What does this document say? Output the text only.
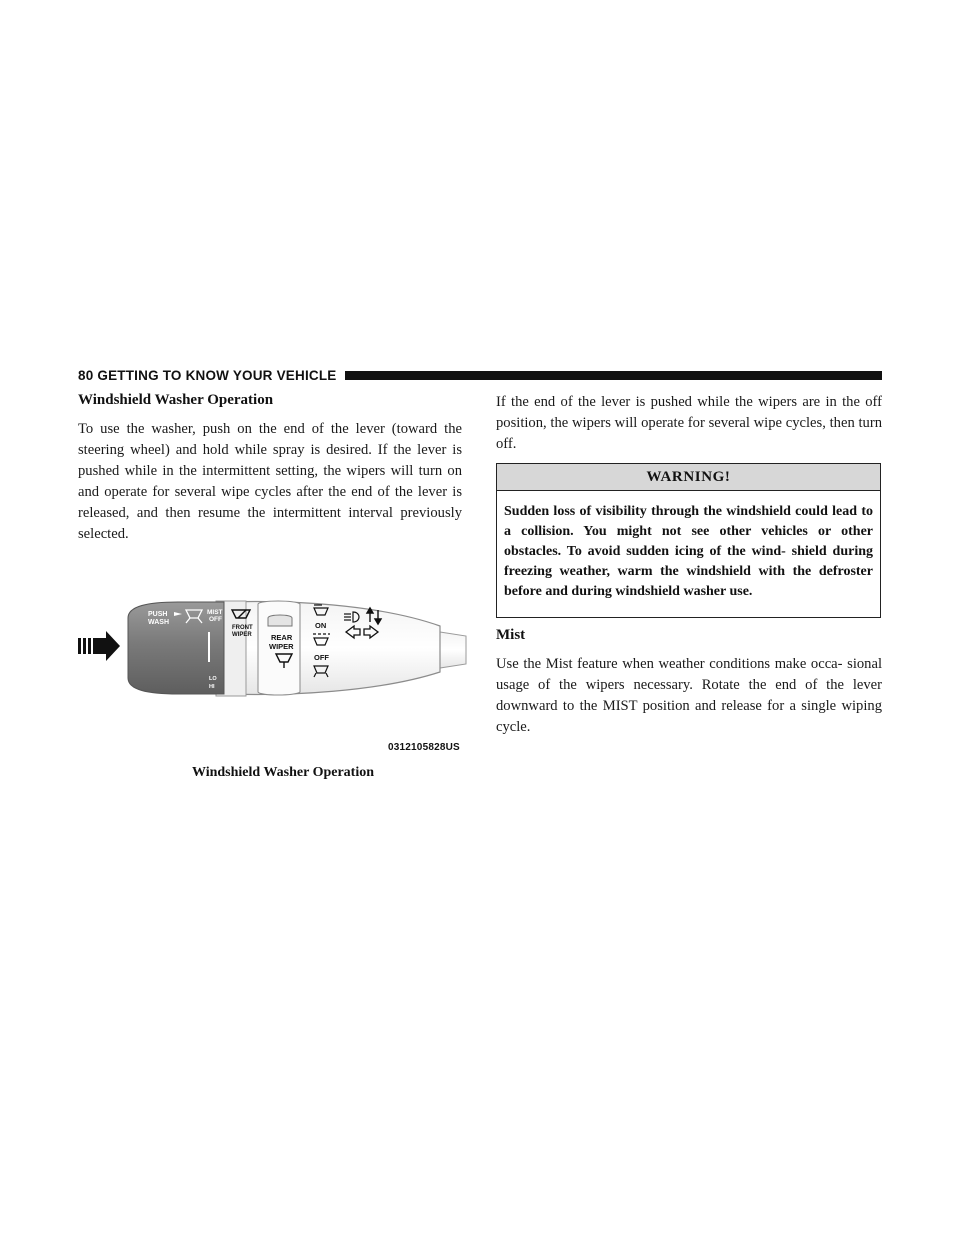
80 GETTING TO KNOW YOUR VEHICLE
Windshield Washer Operation

To use the washer, push on the end of the lever (toward the steering wheel) and hold while spray is desired. If the lever is pushed while in the intermittent setting, the wipers will turn on and operate for several wipe cycles after the end of the lever is released, and then resume the intermittent interval previously selected.

PUSH
WASH
MIST
OFF
LO
HI
FRONT
WIPER	REAR
WIPER
ON
OFF
0312105828US
Windshield Washer Operation

If the end of the lever is pushed while the wipers are in the off position, the wipers will operate for several wipe cycles, then turn off.

WARNING!
Sudden loss of visibility through the windshield could lead to a collision. You might not see other vehicles or other obstacles. To avoid sudden icing of the wind- shield during freezing weather, warm the windshield with the defroster before and during windshield washer use.
Mist

Use the Mist feature when weather conditions make occa- sional usage of the wipers necessary. Rotate the end of the lever downward to the MIST position and release for a single wiping cycle.
